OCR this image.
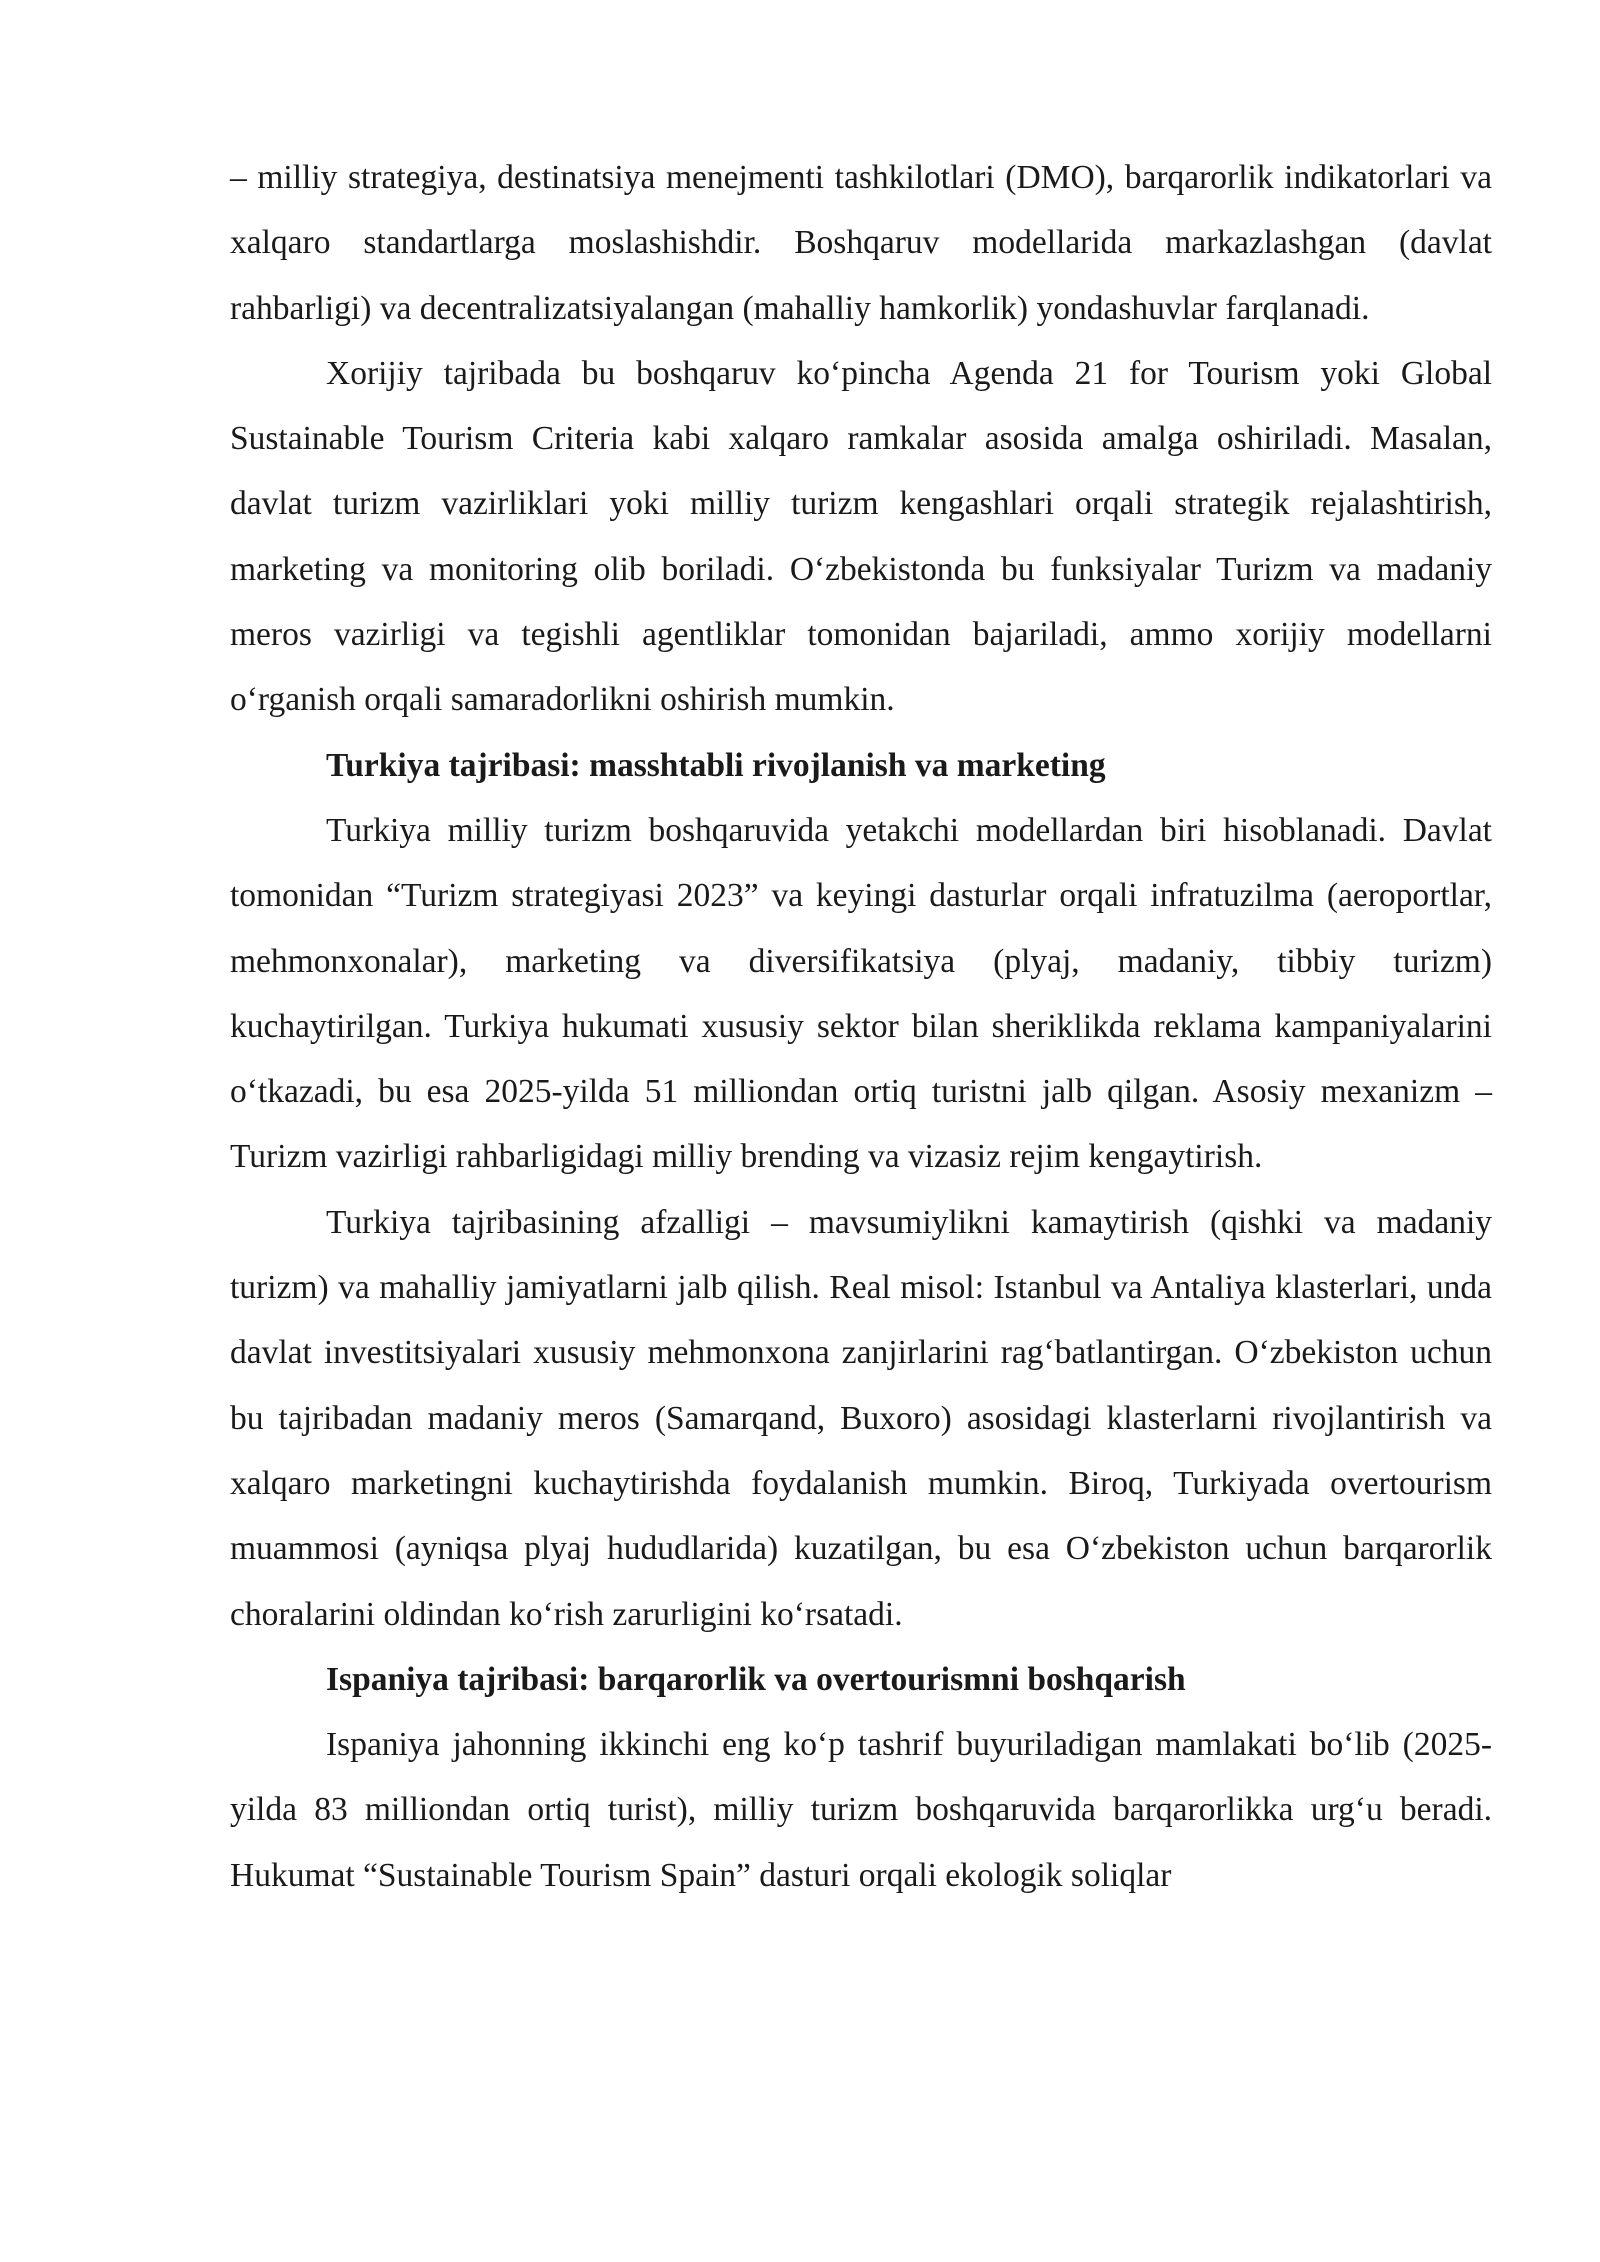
– milliy strategiya, destinatsiya menejmenti tashkilotlari (DMO), barqarorlik indikatorlari va xalqaro standartlarga moslashishdir. Boshqaruv modellarida markazlashgan (davlat rahbarligi) va decentralizatsiyalangan (mahalliy hamkorlik) yondashuvlar farqlanadi.

Xorijiy tajribada bu boshqaruv ko‘pincha Agenda 21 for Tourism yoki Global Sustainable Tourism Criteria kabi xalqaro ramkalar asosida amalga oshiriladi. Masalan, davlat turizm vazirliklari yoki milliy turizm kengashlari orqali strategik rejalashtirish, marketing va monitoring olib boriladi. O‘zbekistonda bu funksiyalar Turizm va madaniy meros vazirligi va tegishli agentliklar tomonidan bajariladi, ammo xorijiy modellarni o‘rganish orqali samaradorlikni oshirish mumkin.

Turkiya tajribasi: masshtabli rivojlanish va marketing

Turkiya milliy turizm boshqaruvida yetakchi modellardan biri hisoblanadi. Davlat tomonidan “Turizm strategiyasi 2023” va keyingi dasturlar orqali infratuzilma (aeroportlar, mehmonxonalar), marketing va diversifikatsiya (plyaj, madaniy, tibbiy turizm) kuchaytirilgan. Turkiya hukumati xususiy sektor bilan sheriklikda reklama kampaniyalarini o‘tkazadi, bu esa 2025-yilda 51 milliondan ortiq turistni jalb qilgan. Asosiy mexanizm – Turizm vazirligi rahbarligidagi milliy brending va vizasiz rejim kengaytirish.

Turkiya tajribasining afzalligi – mavsumiylikni kamaytirish (qishki va madaniy turizm) va mahalliy jamiyatlarni jalb qilish. Real misol: Istanbul va Antaliya klasterlari, unda davlat investitsiyalari xususiy mehmonxona zanjirlarini rag‘batlantirgan. O‘zbekiston uchun bu tajribadan madaniy meros (Samarqand, Buxoro) asosidagi klasterlarni rivojlantirish va xalqaro marketingni kuchaytirishda foydalanish mumkin. Biroq, Turkiyada overtourism muammosi (ayniqsa plyaj hududlarida) kuzatilgan, bu esa O‘zbekiston uchun barqarorlik choralarini oldindan ko‘rish zarurligini ko‘rsatadi.

Ispaniya tajribasi: barqarorlik va overtourismni boshqarish

Ispaniya jahonning ikkinchi eng ko‘p tashrif buyuriladigan mamlakati bo‘lib (2025-yilda 83 milliondan ortiq turist), milliy turizm boshqaruvida barqarorlikka urg‘u beradi. Hukumat “Sustainable Tourism Spain” dasturi orqali ekologik soliqlar
